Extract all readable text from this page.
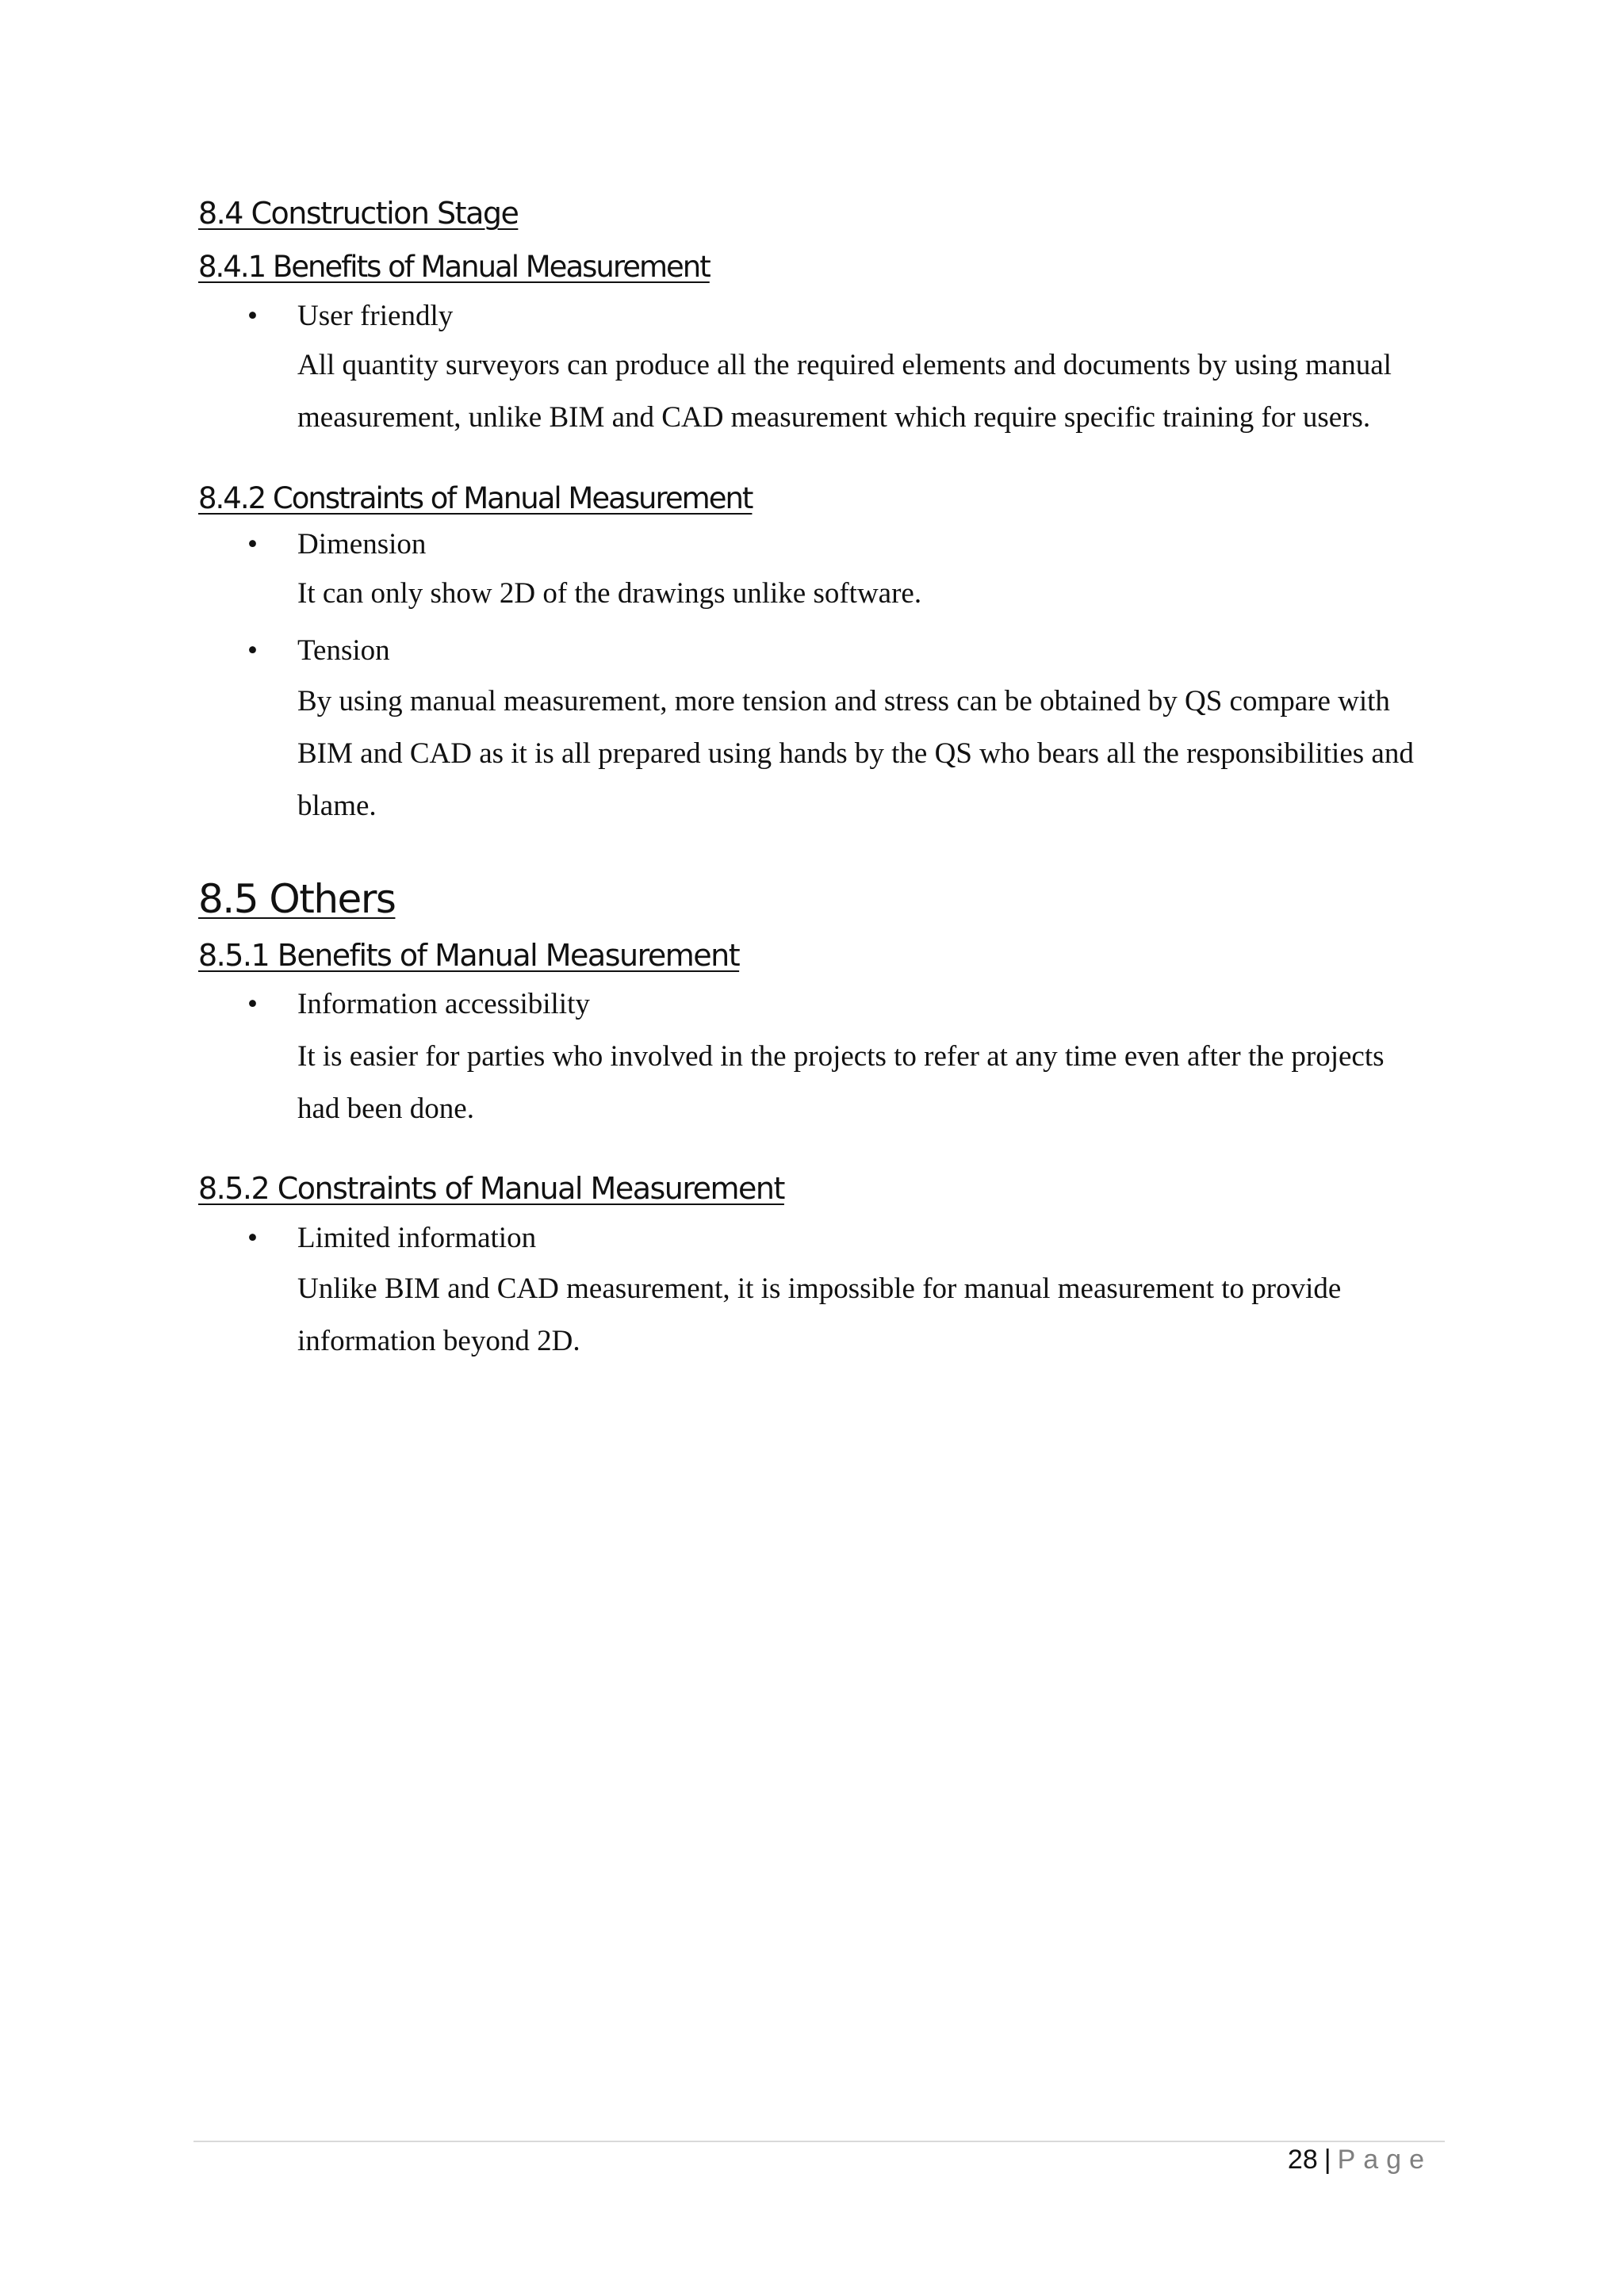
8.4 Construction Stage
8.4.1 Benefits of Manual Measurement
• User friendly

All quantity surveyors can produce all the required elements and documents by using manual measurement, unlike BIM and CAD measurement which require specific training for users.

8.4.2 Constraints of Manual Measurement
• Dimension

It can only show 2D of the drawings unlike software.

• Tension

By using manual measurement, more tension and stress can be obtained by QS compare with BIM and CAD as it is all prepared using hands by the QS who bears all the responsibilities and blame.

8.5 Others
8.5.1 Benefits of Manual Measurement
• Information accessibility

It is easier for parties who involved in the projects to refer at any time even after the projects had been done.

8.5.2 Constraints of Manual Measurement
• Limited information

Unlike BIM and CAD measurement, it is impossible for manual measurement to provide information beyond 2D.

28 | Page
